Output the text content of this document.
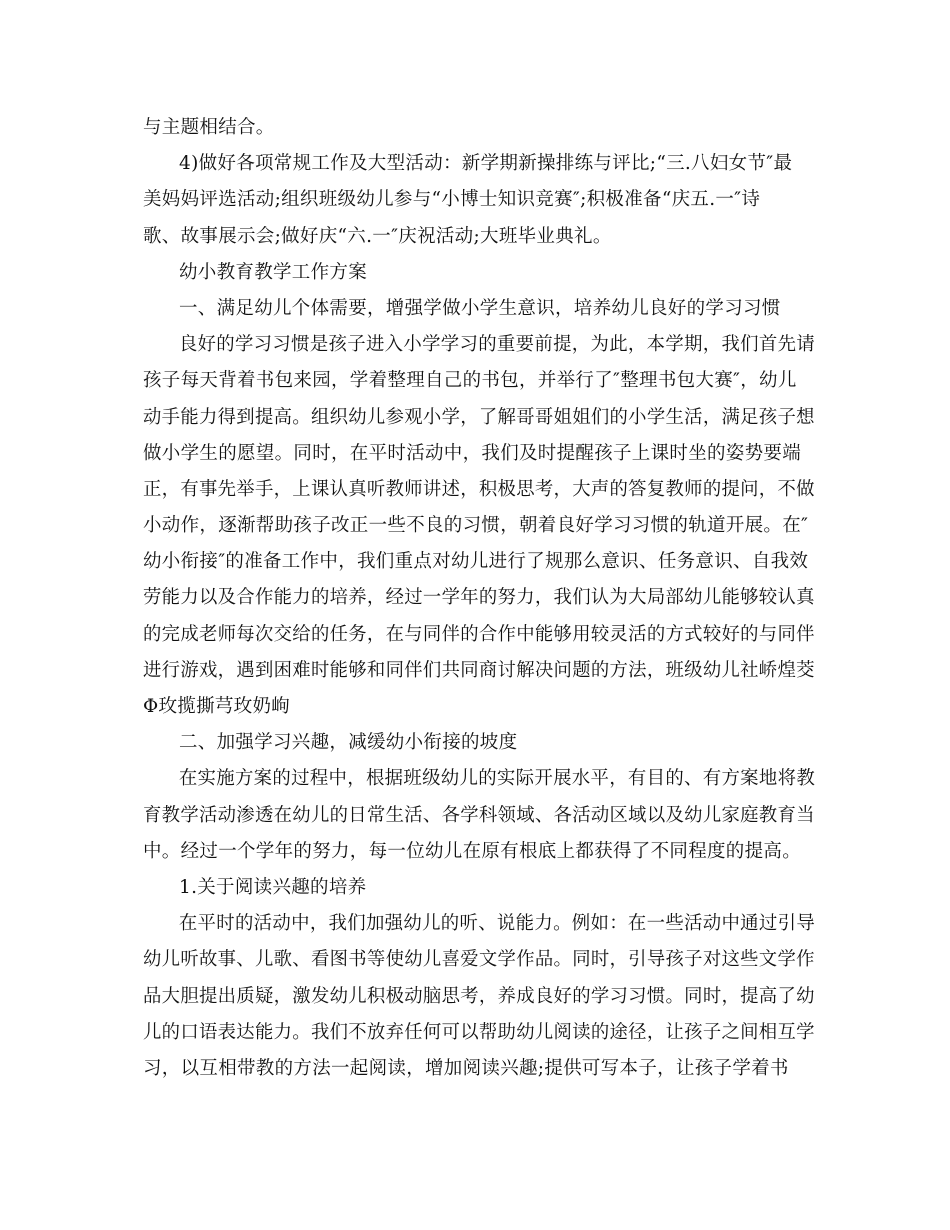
与主题相结合。
4)做好各项常规工作及大型活动：新学期新操排练与评比;“三.八妇女节″最
美妈妈评选活动;组织班级幼儿参与“小博士知识竞赛″;积极准备“庆五.一″诗
歌、故事展示会;做好庆“六.一″庆祝活动;大班毕业典礼。
幼小教育教学工作方案
一、满足幼儿个体需要，增强学做小学生意识，培养幼儿良好的学习习惯
良好的学习习惯是孩子进入小学学习的重要前提，为此，本学期，我们首先请
孩子每天背着书包来园，学着整理自己的书包，并举行了″整理书包大赛″，幼儿
动手能力得到提高。组织幼儿参观小学，了解哥哥姐姐们的小学生活，满足孩子想
做小学生的愿望。同时，在平时活动中，我们及时提醒孩子上课时坐的姿势要端
正，有事先举手，上课认真听教师讲述，积极思考，大声的答复教师的提问，不做
小动作，逐渐帮助孩子改正一些不良的习惯，朝着良好学习习惯的轨道开展。在″
幼小衔接″的准备工作中，我们重点对幼儿进行了规那么意识、任务意识、自我效
劳能力以及合作能力的培养，经过一学年的努力，我们认为大局部幼儿能够较认真
的完成老师每次交给的任务，在与同伴的合作中能够用较灵活的方式较好的与同伴
进行游戏，遇到困难时能够和同伴们共同商讨解决问题的方法，班级幼儿社峤煌茭
Φ玫揽撕芎玫奶岣
二、加强学习兴趣，减缓幼小衔接的坡度
在实施方案的过程中，根据班级幼儿的实际开展水平，有目的、有方案地将教
育教学活动渗透在幼儿的日常生活、各学科领域、各活动区域以及幼儿家庭教育当
中。经过一个学年的努力，每一位幼儿在原有根底上都获得了不同程度的提高。
1.关于阅读兴趣的培养
在平时的活动中，我们加强幼儿的听、说能力。例如：在一些活动中通过引导
幼儿听故事、儿歌、看图书等使幼儿喜爱文学作品。同时，引导孩子对这些文学作
品大胆提出质疑，激发幼儿积极动脑思考，养成良好的学习习惯。同时，提高了幼
儿的口语表达能力。我们不放弃任何可以帮助幼儿阅读的途径，让孩子之间相互学
习，以互相带教的方法一起阅读，增加阅读兴趣;提供可写本子，让孩子学着书
